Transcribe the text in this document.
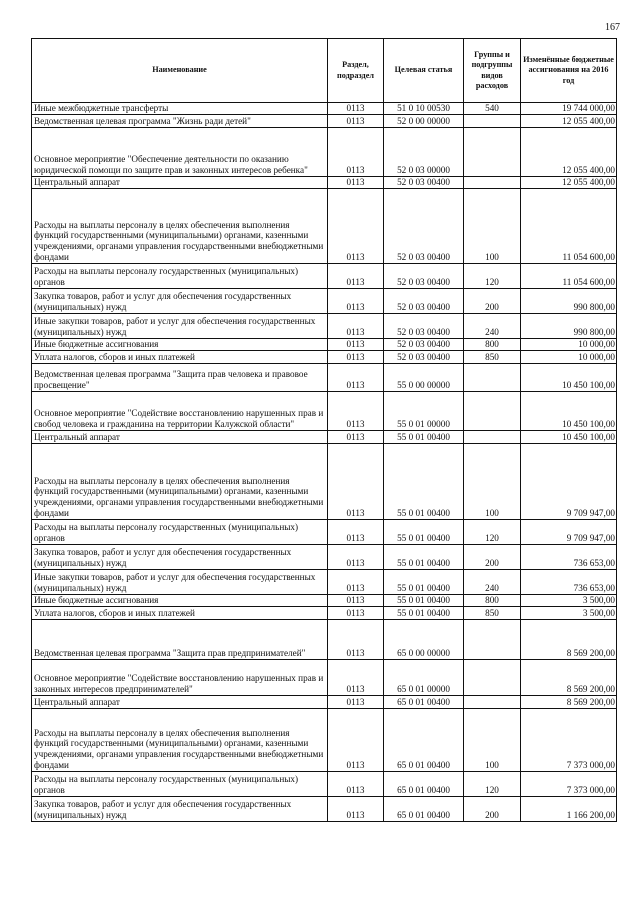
167
Наименование	Раздел, подраздел	Целевая статья	Группы и подгруппы видов расходов	Изменённые бюджетные ассигнования на 2016 год
Иные межбюджетные трансферты	0113	51 0 10 00530	540	19 744 000,00
Ведомственная целевая программа "Жизнь ради детей"	0113	52 0 00 00000		12 055 400,00
Основное мероприятие "Обеспечение деятельности по оказанию юридической помощи по защите прав и законных интересов ребенка"	0113	52 0 03 00000		12 055 400,00
Центральный аппарат	0113	52 0 03 00400		12 055 400,00
Расходы на выплаты персоналу в целях обеспечения выполнения функций государственными (муниципальными) органами, казенными учреждениями, органами управления государственными внебюджетными фондами	0113	52 0 03 00400	100	11 054 600,00
Расходы на выплаты персоналу государственных (муниципальных) органов	0113	52 0 03 00400	120	11 054 600,00
Закупка товаров, работ и услуг для обеспечения государственных (муниципальных) нужд	0113	52 0 03 00400	200	990 800,00
Иные закупки товаров, работ и услуг для обеспечения государственных (муниципальных) нужд	0113	52 0 03 00400	240	990 800,00
Иные бюджетные ассигнования	0113	52 0 03 00400	800	10 000,00
Уплата налогов, сборов и иных платежей	0113	52 0 03 00400	850	10 000,00
Ведомственная целевая программа "Защита прав человека и правовое просвещение"	0113	55 0 00 00000		10 450 100,00
Основное мероприятие "Содействие восстановлению нарушенных прав и свобод человека и гражданина на территории Калужской области"	0113	55 0 01 00000		10 450 100,00
Центральный аппарат	0113	55 0 01 00400		10 450 100,00
Расходы на выплаты персоналу в целях обеспечения выполнения функций государственными (муниципальными) органами, казенными учреждениями, органами управления государственными внебюджетными фондами	0113	55 0 01 00400	100	9 709 947,00
Расходы на выплаты персоналу государственных (муниципальных) органов	0113	55 0 01 00400	120	9 709 947,00
Закупка товаров, работ и услуг для обеспечения государственных (муниципальных) нужд	0113	55 0 01 00400	200	736 653,00
Иные закупки товаров, работ и услуг для обеспечения государственных (муниципальных) нужд	0113	55 0 01 00400	240	736 653,00
Иные бюджетные ассигнования	0113	55 0 01 00400	800	3 500,00
Уплата налогов, сборов и иных платежей	0113	55 0 01 00400	850	3 500,00
Ведомственная целевая программа "Защита прав предпринимателей"	0113	65 0 00 00000		8 569 200,00
Основное мероприятие "Содействие восстановлению нарушенных прав и законных интересов предпринимателей"	0113	65 0 01 00000		8 569 200,00
Центральный аппарат	0113	65 0 01 00400		8 569 200,00
Расходы на выплаты персоналу в целях обеспечения выполнения функций государственными (муниципальными) органами, казенными учреждениями, органами управления государственными внебюджетными фондами	0113	65 0 01 00400	100	7 373 000,00
Расходы на выплаты персоналу государственных (муниципальных) органов	0113	65 0 01 00400	120	7 373 000,00
Закупка товаров, работ и услуг для обеспечения государственных (муниципальных) нужд	0113	65 0 01 00400	200	1 166 200,00
